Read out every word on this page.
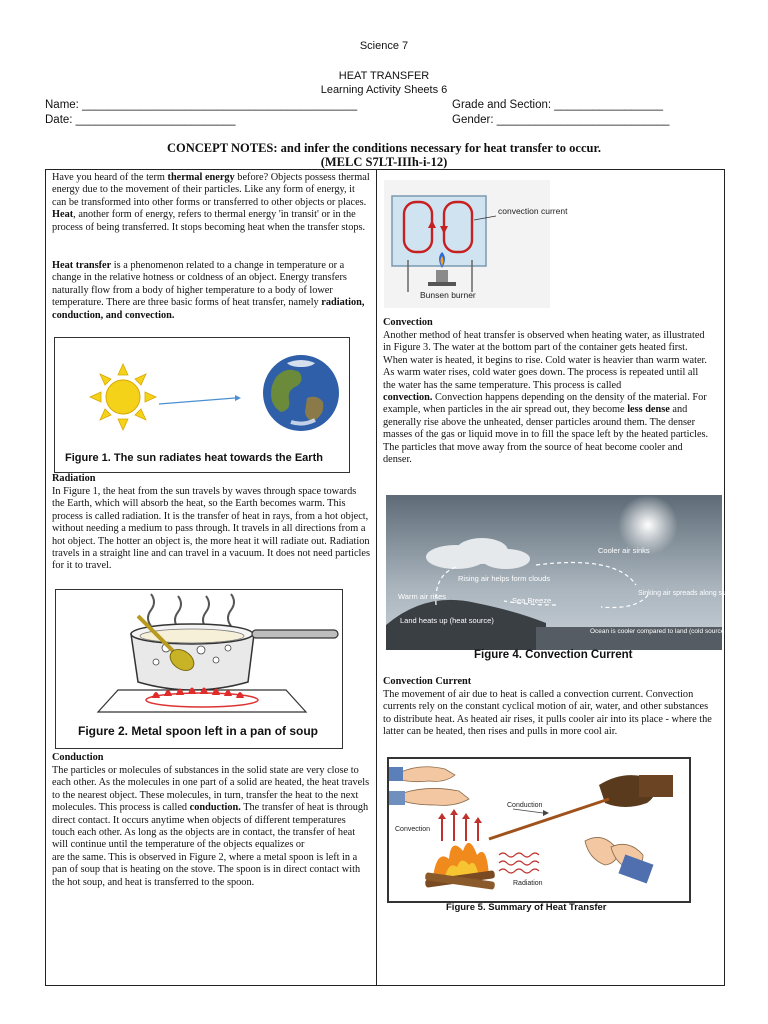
Science 7
HEAT TRANSFER
Learning Activity Sheets 6
Name: ___________________________________________	Grade and Section: _________________
Date: _________________________	Gender: ___________________________
CONCEPT NOTES: and infer the conditions necessary for heat transfer to occur.
(MELC S7LT-IIIh-i-12)
Have you heard of the term thermal energy before? Objects possess thermal energy due to the movement of their particles. Like any form of energy, it can be transformed into other forms or transferred to other objects or places. Heat, another form of energy, refers to thermal energy 'in transit' or in the process of being transferred. It stops becoming heat when the transfer stops.
Heat transfer is a phenomenon related to a change in temperature or a change in the relative hotness or coldness of an object. Energy transfers naturally flow from a body of higher temperature to a body of lower temperature. There are three basic forms of heat transfer, namely radiation, conduction, and convection.
Figure 1. The sun radiates heat towards the Earth
Radiation
In Figure 1, the heat from the sun travels by waves through space towards the Earth, which will absorb the heat, so the Earth becomes warm. This process is called radiation. It is the transfer of heat in rays, from a hot object, without needing a medium to pass through. It travels in all directions from a hot object. The hotter an object is, the more heat it will radiate out. Radiation travels in a straight line and can travel in a vacuum. It does not need particles for it to travel.
Figure 2. Metal spoon left in a pan of soup
Conduction
The particles or molecules of substances in the solid state are very close to each other. As the molecules in one part of a solid are heated, the heat travels to the nearest object. These molecules, in turn, transfer the heat to the next molecules. This process is called conduction. The transfer of heat is through direct contact. It occurs anytime when objects of different temperatures touch each other. As long as the objects are in contact, the transfer of heat will continue until the temperature of the objects equalizes or
are the same. This is observed in Figure 2, where a metal spoon is left in a pan of soup that is heating on the stove. The spoon is in direct contact with the hot soup, and heat is transferred to the spoon.
convection current
Bunsen burner
Convection
Another method of heat transfer is observed when heating water, as illustrated in Figure 3. The water at the bottom part of the container gets heated first. When water is heated, it begins to rise. Cold water is heavier than warm water. As warm water rises, cold water goes down. The process is repeated until all the water has the same temperature. This process is called
convection. Convection happens depending on the density of the material. For example, when particles in the air spread out, they become less dense and generally rise above the unheated, denser particles around them. The denser masses of the gas or liquid move in to fill the space left by the heated particles. The particles that move away from the source of heat become cooler and denser.
Rising air helps form clouds
Cooler air sinks
Warm air rises	Sea Breeze
Sinking air spreads along surface
Land heats up (heat source)
Ocean is cooler compared to land (cold source, aka heat sink)
Figure 4. Convection Current
Convection Current
The movement of air due to heat is called a convection current. Convection currents rely on the constant cyclical motion of air, water, and other substances to distribute heat. As heated air rises, it pulls cooler air into its place - where the latter can be heated, then rises and pulls in more cool air.
Conduction
Convection
Radiation
Figure 5. Summary of Heat Transfer
